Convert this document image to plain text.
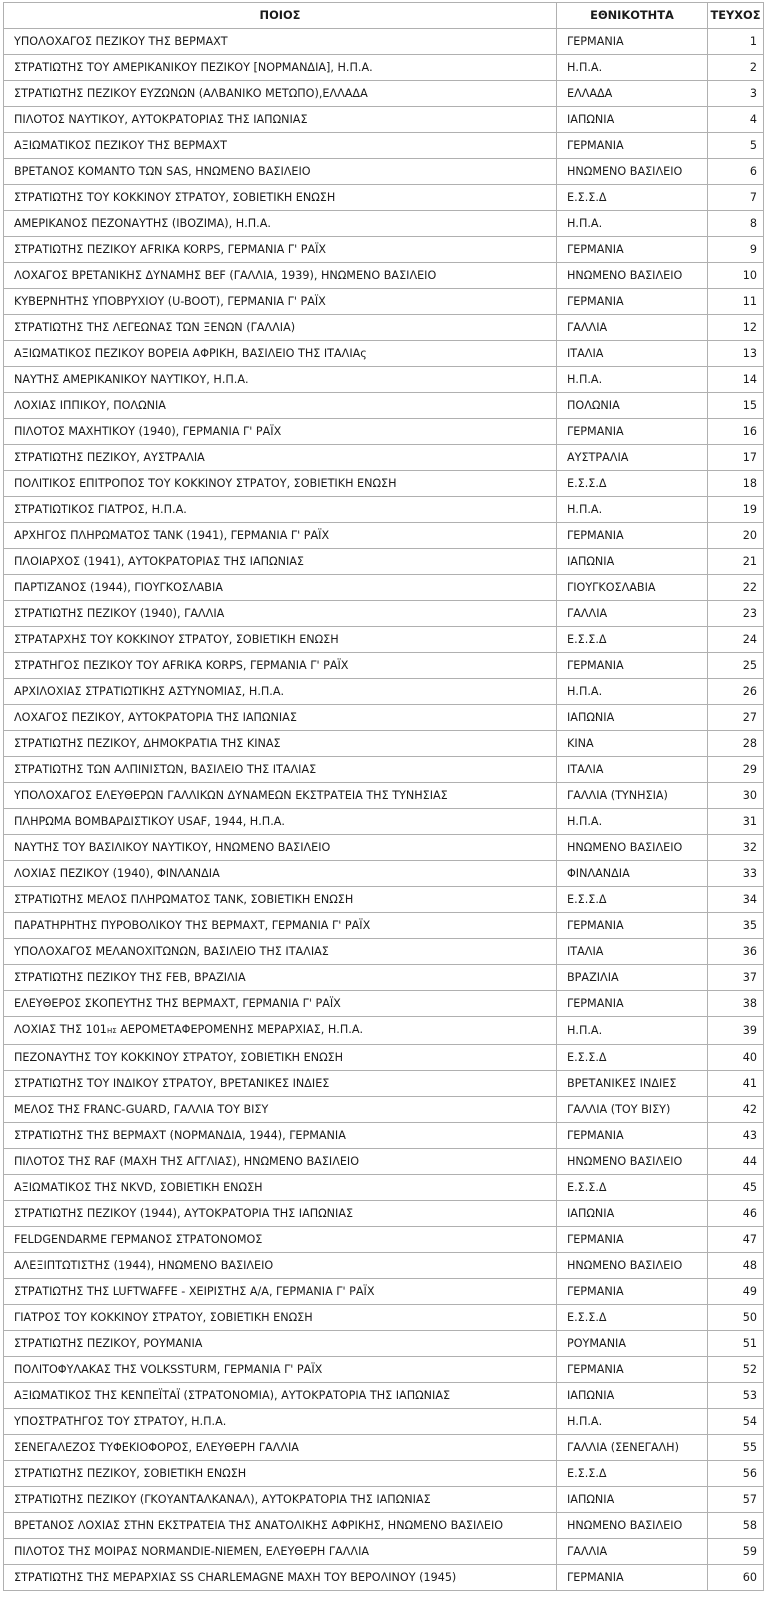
ΠΟΙΟΣ	ΕΘΝΙΚΟΤΗΤΑ	ΤΕΥΧΟΣ
ΥΠΟΛΟΧΑΓΟΣ ΠΕΖΙΚΟΥ ΤΗΣ ΒΕΡΜΑΧΤ	ΓΕΡΜΑΝΙΑ	1
ΣΤΡΑΤΙΩΤΗΣ ΤΟΥ ΑΜΕΡΙΚΑΝΙΚΟΥ ΠΕΖΙΚΟΥ [ΝΟΡΜΑΝΔΙΑ], Η.Π.Α.	Η.Π.Α.	2
ΣΤΡΑΤΙΩΤΗΣ ΠΕΖΙΚΟΥ ΕΥΖΩΝΩΝ (ΑΛΒΑΝΙΚΟ ΜΕΤΩΠΟ),ΕΛΛΑΔΑ	ΕΛΛΑΔΑ	3
ΠΙΛΟΤΟΣ ΝΑΥΤΙΚΟΥ, ΑΥΤΟΚΡΑΤΟΡΙΑΣ ΤΗΣ ΙΑΠΩΝΙΑΣ	ΙΑΠΩΝΙΑ	4
ΑΞΙΩΜΑΤΙΚΟΣ ΠΕΖΙΚΟΥ ΤΗΣ ΒΕΡΜΑΧΤ	ΓΕΡΜΑΝΙΑ	5
ΒΡΕΤΑΝΟΣ ΚΟΜΑΝΤΟ ΤΩΝ SAS, ΗΝΩΜΕΝΟ ΒΑΣΙΛΕΙΟ	ΗΝΩΜΕΝΟ ΒΑΣΙΛΕΙΟ	6
ΣΤΡΑΤΙΩΤΗΣ ΤΟΥ ΚΟΚΚΙΝΟΥ ΣΤΡΑΤΟΥ, ΣΟΒΙΕΤΙΚΗ ΕΝΩΣΗ	Ε.Σ.Σ.Δ	7
ΑΜΕΡΙΚΑΝΟΣ ΠΕΖΟΝΑΥΤΗΣ (ΙΒΟΖΙΜΑ), Η.Π.Α.	Η.Π.Α.	8
ΣΤΡΑΤΙΩΤΗΣ ΠΕΖΙΚΟΥ AFRIKA KORPS, ΓΕΡΜΑΝΙΑ Γ' ΡΑΪΧ	ΓΕΡΜΑΝΙΑ	9
ΛΟΧΑΓΟΣ ΒΡΕΤΑΝΙΚΗΣ ΔΥΝΑΜΗΣ BEF (ΓΑΛΛΙΑ, 1939), ΗΝΩΜΕΝΟ ΒΑΣΙΛΕΙΟ	ΗΝΩΜΕΝΟ ΒΑΣΙΛΕΙΟ	10
ΚΥΒΕΡΝΗΤΗΣ ΥΠΟΒΡΥΧΙΟΥ (U-BOOT), ΓΕΡΜΑΝΙΑ Γ' ΡΑΪΧ	ΓΕΡΜΑΝΙΑ	11
ΣΤΡΑΤΙΩΤΗΣ ΤΗΣ ΛΕΓΕΩΝΑΣ ΤΩΝ ΞΕΝΩΝ (ΓΑΛΛΙΑ)	ΓΑΛΛΙΑ	12
ΑΞΙΩΜΑΤΙΚΟΣ ΠΕΖΙΚΟΥ ΒΟΡΕΙΑ ΑΦΡΙΚΗ, ΒΑΣΙΛΕΙΟ ΤΗΣ ΙΤΑΛΙΑς	ΙΤΑΛΙΑ	13
ΝΑΥΤΗΣ ΑΜΕΡΙΚΑΝΙΚΟΥ ΝΑΥΤΙΚΟΥ, Η.Π.Α.	Η.Π.Α.	14
ΛΟΧΙΑΣ ΙΠΠΙΚΟΥ, ΠΟΛΩΝΙΑ	ΠΟΛΩΝΙΑ	15
ΠΙΛΟΤΟΣ ΜΑΧΗΤΙΚΟΥ (1940), ΓΕΡΜΑΝΙΑ Γ' ΡΑΪΧ	ΓΕΡΜΑΝΙΑ	16
ΣΤΡΑΤΙΩΤΗΣ ΠΕΖΙΚΟΥ, ΑΥΣΤΡΑΛΙΑ	ΑΥΣΤΡΑΛΙΑ	17
ΠΟΛΙΤΙΚΟΣ ΕΠΙΤΡΟΠΟΣ ΤΟΥ ΚΟΚΚΙΝΟΥ ΣΤΡΑΤΟΥ, ΣΟΒΙΕΤΙΚΗ ΕΝΩΣΗ	Ε.Σ.Σ.Δ	18
ΣΤΡΑΤΙΩΤΙΚΟΣ ΓΙΑΤΡΟΣ, Η.Π.Α.	Η.Π.Α.	19
ΑΡΧΗΓΟΣ ΠΛΗΡΩΜΑΤΟΣ TANK (1941), ΓΕΡΜΑΝΙΑ Γ' ΡΑΪΧ	ΓΕΡΜΑΝΙΑ	20
ΠΛΟΙΑΡΧΟΣ (1941), ΑΥΤΟΚΡΑΤΟΡΙΑΣ ΤΗΣ ΙΑΠΩΝΙΑΣ	ΙΑΠΩΝΙΑ	21
ΠΑΡΤΙΖΑΝΟΣ (1944), ΓΙΟΥΓΚΟΣΛΑΒΙΑ	ΓΙΟΥΓΚΟΣΛΑΒΙΑ	22
ΣΤΡΑΤΙΩΤΗΣ ΠΕΖΙΚΟΥ (1940), ΓΑΛΛΙΑ	ΓΑΛΛΙΑ	23
ΣΤΡΑΤΑΡΧΗΣ ΤΟΥ ΚΟΚΚΙΝΟΥ ΣΤΡΑΤΟΥ, ΣΟΒΙΕΤΙΚΗ ΕΝΩΣΗ	Ε.Σ.Σ.Δ	24
ΣΤΡΑΤΗΓΟΣ ΠΕΖΙΚΟΥ ΤΟΥ AFRIKA KORPS, ΓΕΡΜΑΝΙΑ Γ' ΡΑΪΧ	ΓΕΡΜΑΝΙΑ	25
ΑΡΧΙΛΟΧΙΑΣ ΣΤΡΑΤΙΩΤΙΚΗΣ ΑΣΤΥΝΟΜΙΑΣ, Η.Π.Α.	Η.Π.Α.	26
ΛΟΧΑΓΟΣ ΠΕΖΙΚΟΥ, ΑΥΤΟΚΡΑΤΟΡΙΑ ΤΗΣ ΙΑΠΩΝΙΑΣ	ΙΑΠΩΝΙΑ	27
ΣΤΡΑΤΙΩΤΗΣ ΠΕΖΙΚΟΥ, ΔΗΜΟΚΡΑΤΙΑ ΤΗΣ ΚΙΝΑΣ	ΚΙΝΑ	28
ΣΤΡΑΤΙΩΤΗΣ ΤΩΝ ΑΛΠΙΝΙΣΤΩΝ, ΒΑΣΙΛΕΙΟ ΤΗΣ ΙΤΑΛΙΑΣ	ΙΤΑΛΙΑ	29
ΥΠΟΛΟΧΑΓΟΣ ΕΛΕΥΘΕΡΩΝ ΓΑΛΛΙΚΩΝ ΔΥΝΑΜΕΩΝ ΕΚΣΤΡΑΤΕΙΑ ΤΗΣ ΤΥΝΗΣΙΑΣ	ΓΑΛΛΙΑ (ΤΥΝΗΣΙΑ)	30
ΠΛΗΡΩΜΑ ΒΟΜΒΑΡΔΙΣΤΙΚΟΥ USAF, 1944, Η.Π.Α.	Η.Π.Α.	31
ΝΑΥΤΗΣ ΤΟΥ ΒΑΣΙΛΙΚΟΥ ΝΑΥΤΙΚΟΥ, ΗΝΩΜΕΝΟ ΒΑΣΙΛΕΙΟ	ΗΝΩΜΕΝΟ ΒΑΣΙΛΕΙΟ	32
ΛΟΧΙΑΣ ΠΕΖΙΚΟΥ (1940), ΦΙΝΛΑΝΔΙΑ	ΦΙΝΛΑΝΔΙΑ	33
ΣΤΡΑΤΙΩΤΗΣ ΜΕΛΟΣ ΠΛΗΡΩΜΑΤΟΣ TANK, ΣΟΒΙΕΤΙΚΗ ΕΝΩΣΗ	Ε.Σ.Σ.Δ	34
ΠΑΡΑΤΗΡΗΤΗΣ ΠΥΡΟΒΟΛΙΚΟΥ ΤΗΣ ΒΕΡΜΑΧΤ, ΓΕΡΜΑΝΙΑ Γ' ΡΑΪΧ	ΓΕΡΜΑΝΙΑ	35
ΥΠΟΛΟΧΑΓΟΣ ΜΕΛΑΝΟΧΙΤΩΝΩΝ, ΒΑΣΙΛΕΙΟ ΤΗΣ ΙΤΑΛΙΑΣ	ΙΤΑΛΙΑ	36
ΣΤΡΑΤΙΩΤΗΣ ΠΕΖΙΚΟΥ ΤΗΣ FEB, ΒΡΑΖΙΛΙΑ	ΒΡΑΖΙΛΙΑ	37
ΕΛΕΥΘΕΡΟΣ ΣΚΟΠΕΥΤΗΣ ΤΗΣ ΒΕΡΜΑΧΤ, ΓΕΡΜΑΝΙΑ Γ' ΡΑΪΧ	ΓΕΡΜΑΝΙΑ	38
ΛΟΧΙΑΣ ΤΗΣ 101ΗΣ ΑΕΡΟΜΕΤΑΦΕΡΟΜΕΝΗΣ ΜΕΡΑΡΧΙΑΣ, Η.Π.Α.	Η.Π.Α.	39
ΠΕΖΟΝΑΥΤΗΣ ΤΟΥ ΚΟΚΚΙΝΟΥ ΣΤΡΑΤΟΥ, ΣΟΒΙΕΤΙΚΗ ΕΝΩΣΗ	Ε.Σ.Σ.Δ	40
ΣΤΡΑΤΙΩΤΗΣ ΤΟΥ ΙΝΔΙΚΟΥ ΣΤΡΑΤΟΥ, ΒΡΕΤΑΝΙΚΕΣ ΙΝΔΙΕΣ	ΒΡΕΤΑΝΙΚΕΣ ΙΝΔΙΕΣ	41
ΜΕΛΟΣ ΤΗΣ FRANC-GUARD, ΓΑΛΛΙΑ ΤΟΥ ΒΙΣΥ	ΓΑΛΛΙΑ (ΤΟΥ ΒΙΣΥ)	42
ΣΤΡΑΤΙΩΤΗΣ ΤΗΣ ΒΕΡΜΑΧΤ (ΝΟΡΜΑΝΔΙΑ, 1944), ΓΕΡΜΑΝΙΑ	ΓΕΡΜΑΝΙΑ	43
ΠΙΛΟΤΟΣ ΤΗΣ RAF (ΜΑΧΗ ΤΗΣ ΑΓΓΛΙΑΣ), ΗΝΩΜΕΝΟ ΒΑΣΙΛΕΙΟ	ΗΝΩΜΕΝΟ ΒΑΣΙΛΕΙΟ	44
ΑΞΙΩΜΑΤΙΚΟΣ ΤΗΣ NKVD, ΣΟΒΙΕΤΙΚΗ ΕΝΩΣΗ	Ε.Σ.Σ.Δ	45
ΣΤΡΑΤΙΩΤΗΣ ΠΕΖΙΚΟΥ (1944), ΑΥΤΟΚΡΑΤΟΡΙΑ ΤΗΣ ΙΑΠΩΝΙΑΣ	ΙΑΠΩΝΙΑ	46
FELDGENDARME ΓΕΡΜΑΝΟΣ ΣΤΡΑΤΟΝΟΜΟΣ	ΓΕΡΜΑΝΙΑ	47
ΑΛΕΞΙΠΤΩΤΙΣΤΗΣ (1944), ΗΝΩΜΕΝΟ ΒΑΣΙΛΕΙΟ	ΗΝΩΜΕΝΟ ΒΑΣΙΛΕΙΟ	48
ΣΤΡΑΤΙΩΤΗΣ ΤΗΣ LUFTWAFFE - ΧΕΙΡΙΣΤΗΣ Α/Α, ΓΕΡΜΑΝΙΑ Γ' ΡΑΪΧ	ΓΕΡΜΑΝΙΑ	49
ΓΙΑΤΡΟΣ ΤΟΥ ΚΟΚΚΙΝΟΥ ΣΤΡΑΤΟΥ, ΣΟΒΙΕΤΙΚΗ ΕΝΩΣΗ	Ε.Σ.Σ.Δ	50
ΣΤΡΑΤΙΩΤΗΣ ΠΕΖΙΚΟΥ, ΡΟΥΜΑΝΙΑ	ΡΟΥΜΑΝΙΑ	51
ΠΟΛΙΤΟΦΥΛΑΚΑΣ ΤΗΣ VOLKSSTURM, ΓΕΡΜΑΝΙΑ Γ' ΡΑΪΧ	ΓΕΡΜΑΝΙΑ	52
ΑΞΙΩΜΑΤΙΚΟΣ ΤΗΣ ΚΕΝΠΕΪΤΑΪ (ΣΤΡΑΤΟΝΟΜΙΑ), ΑΥΤΟΚΡΑΤΟΡΙΑ ΤΗΣ ΙΑΠΩΝΙΑΣ	ΙΑΠΩΝΙΑ	53
ΥΠΟΣΤΡΑΤΗΓΟΣ ΤΟΥ ΣΤΡΑΤΟΥ, Η.Π.Α.	Η.Π.Α.	54
ΣΕΝΕΓΑΛΕΖΟΣ ΤΥΦΕΚΙΟΦΟΡΟΣ, ΕΛΕΥΘΕΡΗ ΓΑΛΛΙΑ	ΓΑΛΛΙΑ (ΣΕΝΕΓΑΛΗ)	55
ΣΤΡΑΤΙΩΤΗΣ ΠΕΖΙΚΟΥ, ΣΟΒΙΕΤΙΚΗ ΕΝΩΣΗ	Ε.Σ.Σ.Δ	56
ΣΤΡΑΤΙΩΤΗΣ ΠΕΖΙΚΟΥ (ΓΚΟΥΑΝΤΑΛΚΑΝΑΛ), ΑΥΤΟΚΡΑΤΟΡΙΑ ΤΗΣ ΙΑΠΩΝΙΑΣ	ΙΑΠΩΝΙΑ	57
ΒΡΕΤΑΝΟΣ ΛΟΧΙΑΣ ΣΤΗΝ ΕΚΣΤΡΑΤΕΙΑ ΤΗΣ ΑΝΑΤΟΛΙΚΗΣ ΑΦΡΙΚΗΣ, ΗΝΩΜΕΝΟ ΒΑΣΙΛΕΙΟ	ΗΝΩΜΕΝΟ ΒΑΣΙΛΕΙΟ	58
ΠΙΛΟΤΟΣ ΤΗΣ ΜΟΙΡΑΣ NORMANDIE-NIEMEN, ΕΛΕΥΘΕΡΗ ΓΑΛΛΙΑ	ΓΑΛΛΙΑ	59
ΣΤΡΑΤΙΩΤΗΣ ΤΗΣ ΜΕΡΑΡΧΙΑΣ SS CHARLEMAGNE ΜΑΧΗ ΤΟΥ ΒΕΡΟΛΙΝΟΥ (1945)	ΓΕΡΜΑΝΙΑ	60
